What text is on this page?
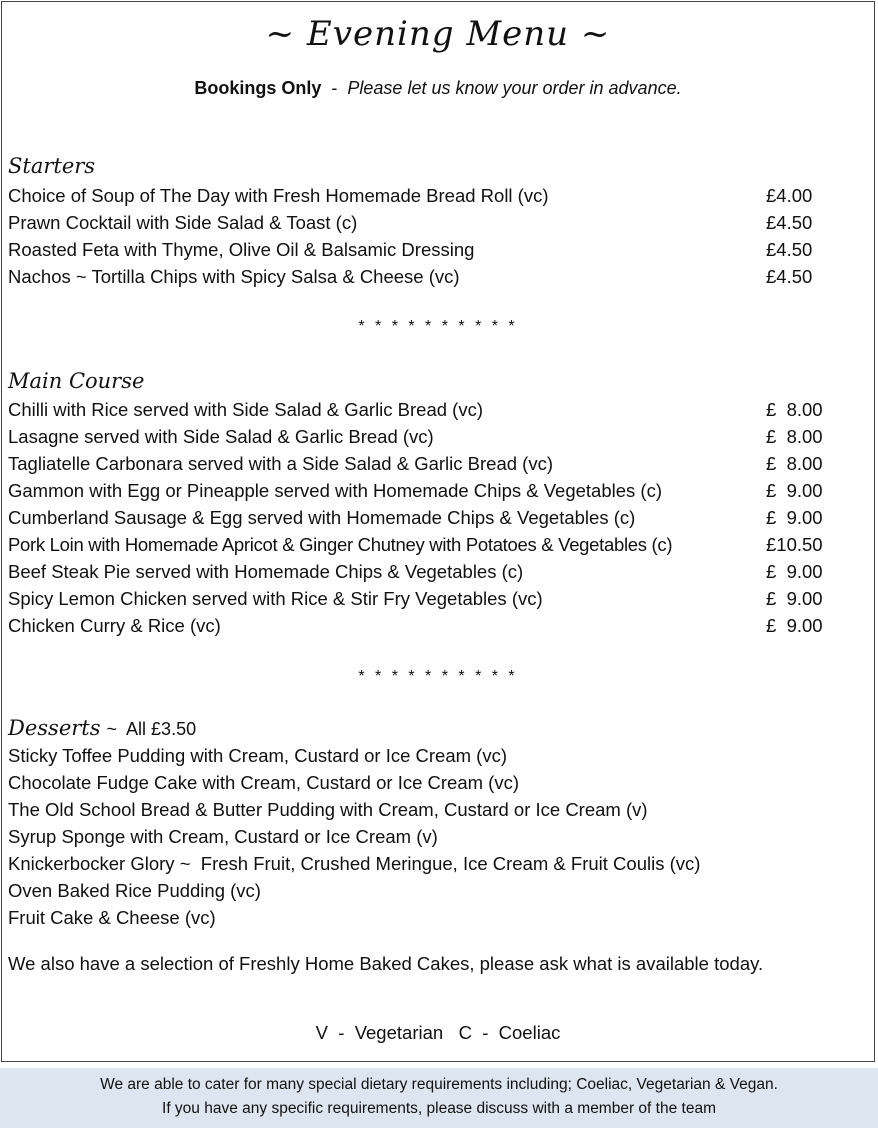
~ Evening Menu ~
Bookings Only  -  Please let us know your order in advance.
Starters
Choice of Soup of The Day with Fresh Homemade Bread Roll (vc)	£4.00
Prawn Cocktail with Side Salad & Toast (c)	£4.50
Roasted Feta with Thyme, Olive Oil & Balsamic Dressing	£4.50
Nachos ~ Tortilla Chips with Spicy Salsa & Cheese (vc)	£4.50
* * * * * * * * * *
Main Course
Chilli with Rice served with Side Salad & Garlic Bread (vc)	£  8.00
Lasagne served with Side Salad & Garlic Bread (vc)	£  8.00
Tagliatelle Carbonara served with a Side Salad & Garlic Bread (vc)	£  8.00
Gammon with Egg or Pineapple served with Homemade Chips & Vegetables (c)	£  9.00
Cumberland Sausage & Egg served with Homemade Chips & Vegetables (c)	£  9.00
Pork Loin with Homemade Apricot & Ginger Chutney with Potatoes & Vegetables (c)	£10.50
Beef Steak Pie served with Homemade Chips & Vegetables (c)	£  9.00
Spicy Lemon Chicken served with Rice & Stir Fry Vegetables (vc)	£  9.00
Chicken Curry & Rice (vc)	£  9.00
* * * * * * * * * *
Desserts ~  All £3.50
Sticky Toffee Pudding with Cream, Custard or Ice Cream (vc)
Chocolate Fudge Cake with Cream, Custard or Ice Cream (vc)
The Old School Bread & Butter Pudding with Cream, Custard or Ice Cream (v)
Syrup Sponge with Cream, Custard or Ice Cream (v)
Knickerbocker Glory ~  Fresh Fruit, Crushed Meringue, Ice Cream & Fruit Coulis (vc)
Oven Baked Rice Pudding (vc)
Fruit Cake & Cheese (vc)
We also have a selection of Freshly Home Baked Cakes, please ask what is available today.
V  -  Vegetarian   C  -  Coeliac
We are able to cater for many special dietary requirements including; Coeliac, Vegetarian & Vegan.
If you have any specific requirements, please discuss with a member of the team
